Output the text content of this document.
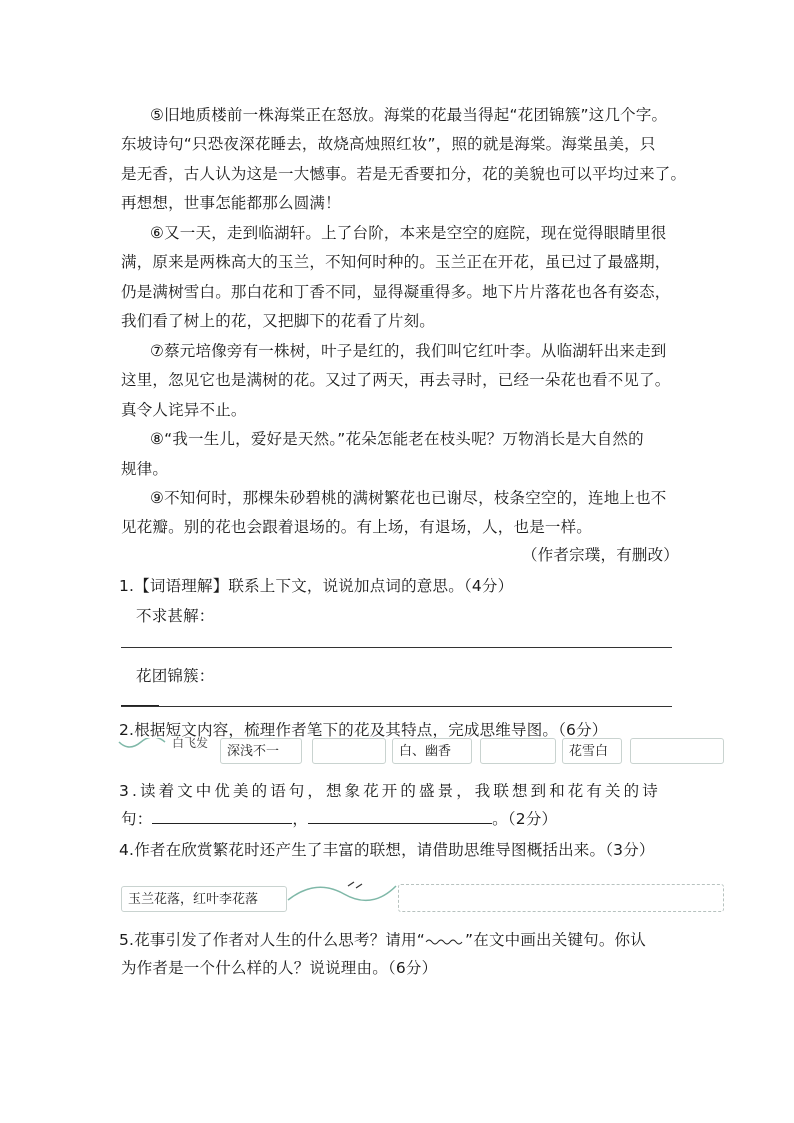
⑤旧地质楼前一株海棠正在怒放。海棠的花最当得起“花团锦簇”这几个字。
东坡诗句“只恐夜深花睡去，故烧高烛照红妆”，照的就是海棠。海棠虽美，只
是无香，古人认为这是一大憾事。若是无香要扣分，花的美貌也可以平均过来了。
再想想，世事怎能都那么圆满！
⑥又一天，走到临湖轩。上了台阶，本来是空空的庭院，现在觉得眼睛里很
满，原来是两株高大的玉兰，不知何时种的。玉兰正在开花，虽已过了最盛期，
仍是满树雪白。那白花和丁香不同，显得凝重得多。地下片片落花也各有姿态，
我们看了树上的花，又把脚下的花看了片刻。
⑦蔡元培像旁有一株树，叶子是红的，我们叫它红叶李。从临湖轩出来走到
这里，忽见它也是满树的花。又过了两天，再去寻时，已经一朵花也看不见了。
真令人诧异不止。
⑧“我一生儿，爱好是天然。”花朵怎能老在枝头呢？万物消长是大自然的
规律。
⑨不知何时，那棵朱砂碧桃的满树繁花也已谢尽，枝条空空的，连地上也不
见花瓣。别的花也会跟着退场的。有上场，有退场，人，也是一样。
（作者宗璞，有删改）
1.【词语理解】联系上下文，说说加点词的意思。（4分）
不求甚解：
花团锦簇：
2.根据短文内容，梳理作者笔下的花及其特点，完成思维导图。（6分）
白飞发
深浅不一	白、幽香	花雪白
3.读着文中优美的语句，想象花开的盛景，我联想到和花有关的诗
句：	，	。（2分）
4.作者在欣赏繁花时还产生了丰富的联想，请借助思维导图概括出来。（3分）
玉兰花落，红叶李花落
5.花事引发了作者对人生的什么思考？请用“	”在文中画出关键句。你认
为作者是一个什么样的人？说说理由。（6分）
